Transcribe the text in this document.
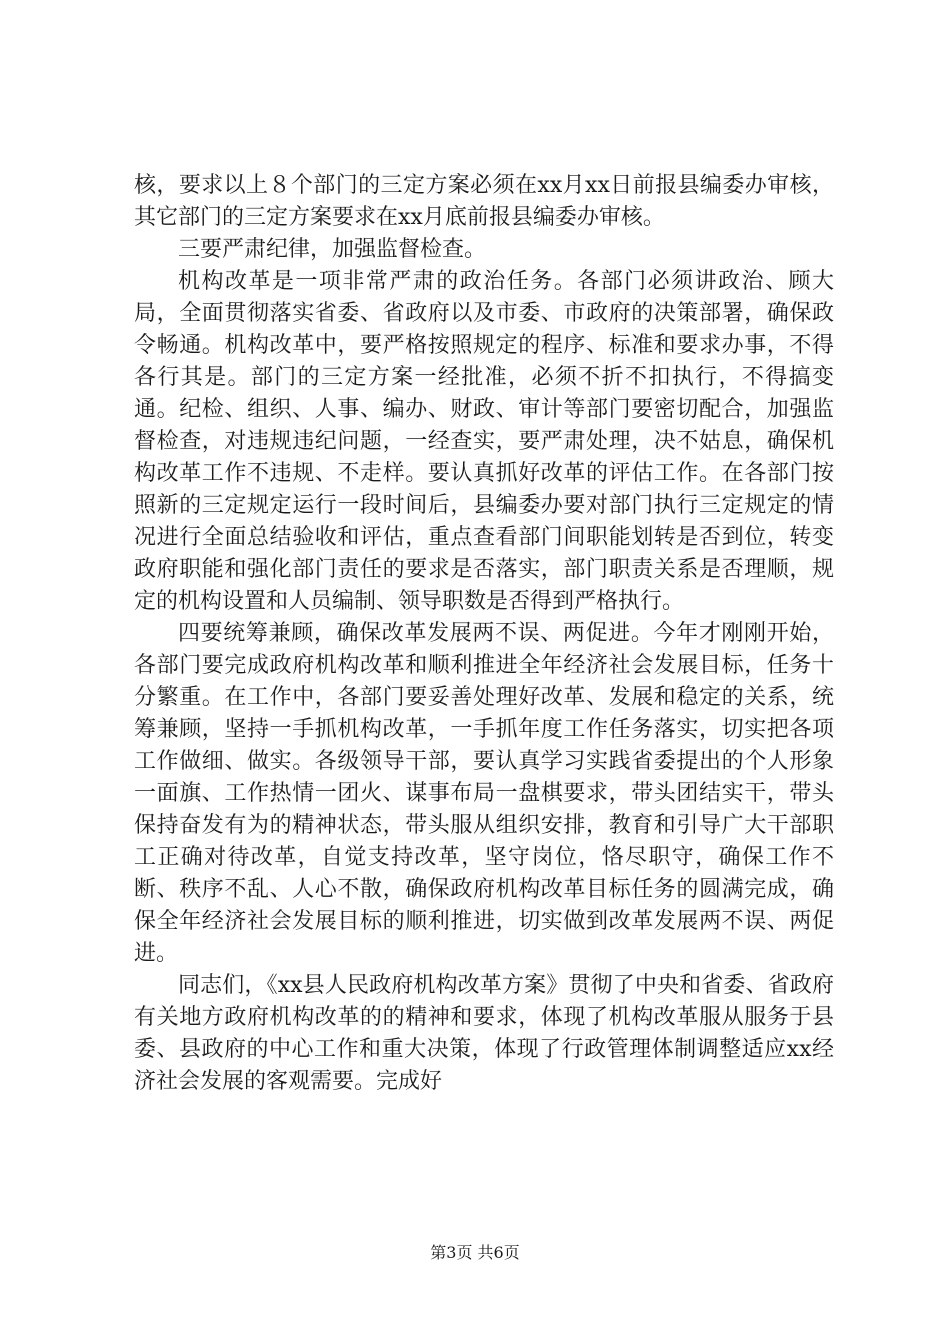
核，要求以上８个部门的三定方案必须在xx月xx日前报县编委办审核，其它部门的三定方案要求在xx月底前报县编委办审核。

三要严肃纪律，加强监督检查。

机构改革是一项非常严肃的政治任务。各部门必须讲政治、顾大局，全面贯彻落实省委、省政府以及市委、市政府的决策部署，确保政令畅通。机构改革中，要严格按照规定的程序、标准和要求办事，不得各行其是。部门的三定方案一经批准，必须不折不扣执行，不得搞变通。纪检、组织、人事、编办、财政、审计等部门要密切配合，加强监督检查，对违规违纪问题，一经查实，要严肃处理，决不姑息，确保机构改革工作不违规、不走样。要认真抓好改革的评估工作。在各部门按照新的三定规定运行一段时间后，县编委办要对部门执行三定规定的情况进行全面总结验收和评估，重点查看部门间职能划转是否到位，转变政府职能和强化部门责任的要求是否落实，部门职责关系是否理顺，规定的机构设置和人员编制、领导职数是否得到严格执行。

四要统筹兼顾，确保改革发展两不误、两促进。今年才刚刚开始，各部门要完成政府机构改革和顺利推进全年经济社会发展目标，任务十分繁重。在工作中，各部门要妥善处理好改革、发展和稳定的关系，统筹兼顾，坚持一手抓机构改革，一手抓年度工作任务落实，切实把各项工作做细、做实。各级领导干部，要认真学习实践省委提出的个人形象一面旗、工作热情一团火、谋事布局一盘棋要求，带头团结实干，带头保持奋发有为的精神状态，带头服从组织安排，教育和引导广大干部职工正确对待改革，自觉支持改革，坚守岗位，恪尽职守，确保工作不断、秩序不乱、人心不散，确保政府机构改革目标任务的圆满完成，确保全年经济社会发展目标的顺利推进，切实做到改革发展两不误、两促进。

同志们，《xx县人民政府机构改革方案》贯彻了中央和省委、省政府有关地方政府机构改革的的精神和要求，体现了机构改革服从服务于县委、县政府的中心工作和重大决策，体现了行政管理体制调整适应xx经济社会发展的客观需要。完成好

第3页 共6页
